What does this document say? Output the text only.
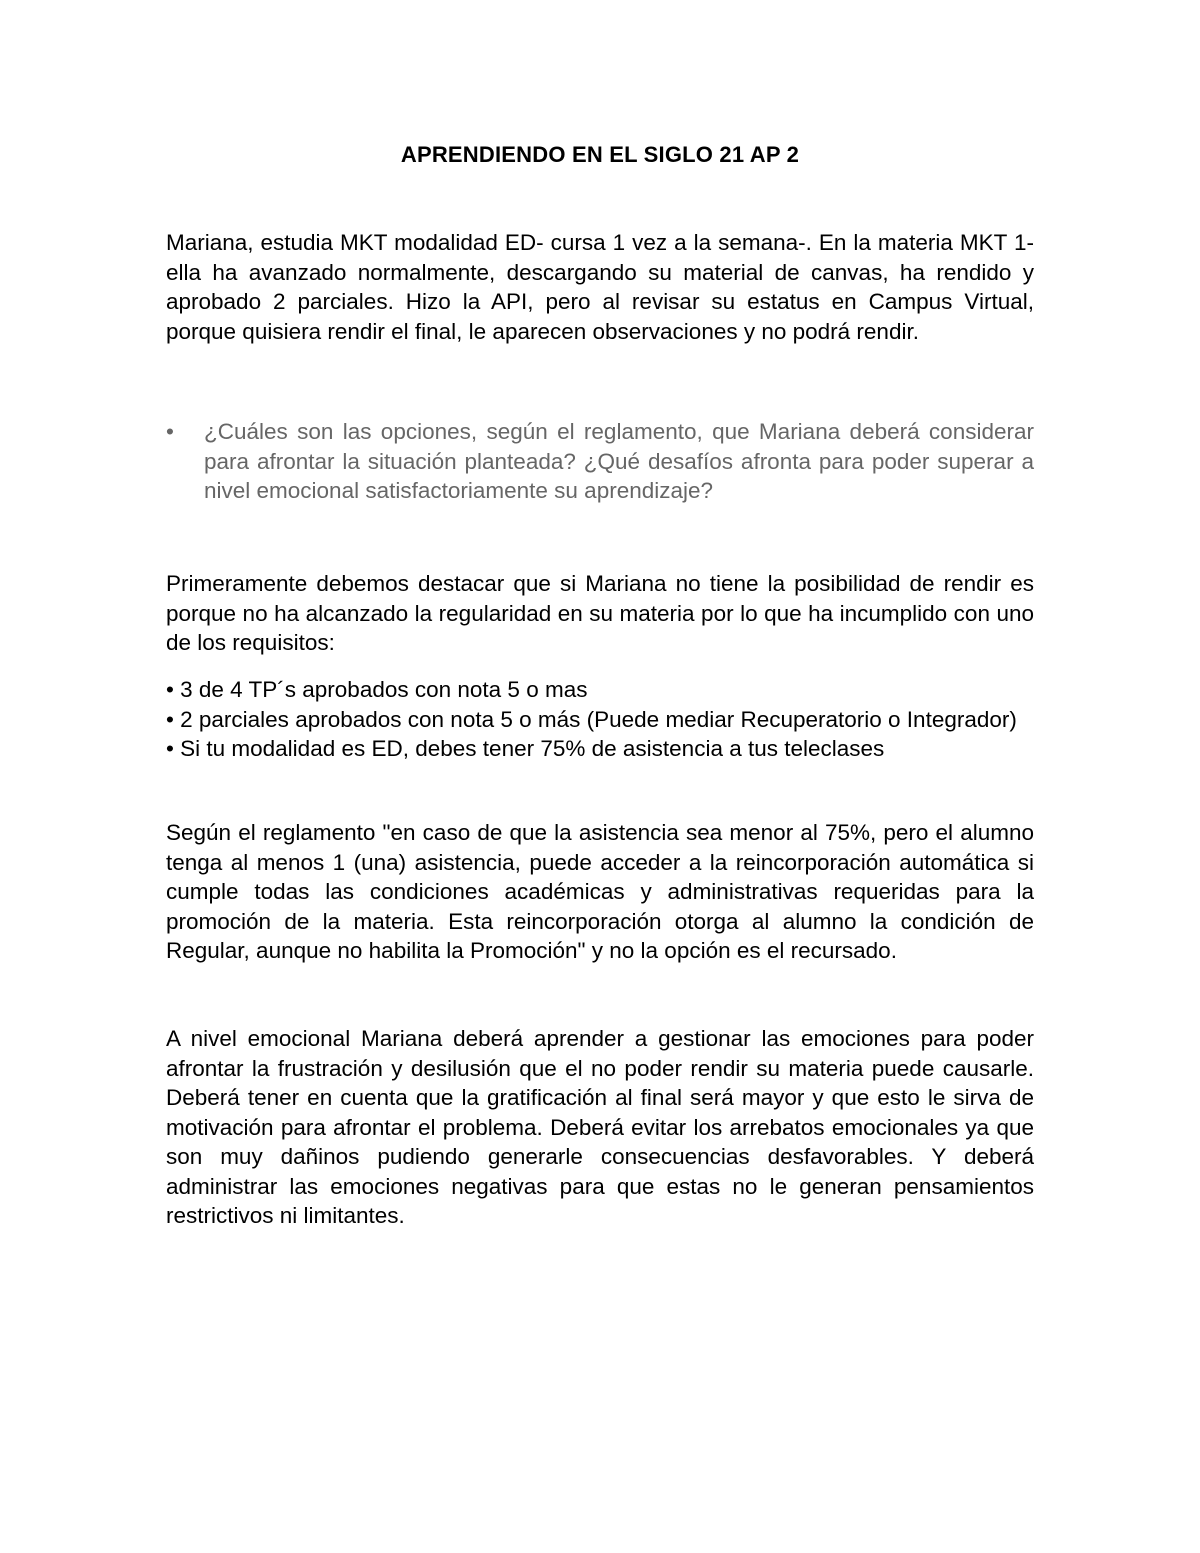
APRENDIENDO EN EL SIGLO 21 AP 2
Mariana, estudia MKT modalidad ED- cursa 1 vez a la semana-. En la materia MKT 1- ella ha avanzado normalmente, descargando su material de canvas, ha rendido y aprobado 2 parciales. Hizo la API, pero al revisar su estatus en Campus Virtual, porque quisiera rendir el final, le aparecen observaciones y no podrá rendir.
•	¿Cuáles son las opciones, según el reglamento, que Mariana deberá considerar para afrontar la situación planteada? ¿Qué desafíos afronta para poder superar a nivel emocional satisfactoriamente su aprendizaje?
Primeramente debemos destacar que si Mariana no tiene la posibilidad de rendir es porque no ha alcanzado la regularidad en su materia por lo que ha incumplido con uno de los requisitos:
• 3 de 4 TP´s aprobados con nota 5 o mas
• 2 parciales aprobados con nota 5 o más (Puede mediar Recuperatorio o Integrador)
• Si tu modalidad es ED, debes tener 75% de asistencia a tus teleclases
Según el reglamento "en caso de que la asistencia sea menor al 75%, pero el alumno tenga al menos 1 (una) asistencia, puede acceder a la reincorporación automática si cumple todas las condiciones académicas y administrativas requeridas para la promoción de la materia. Esta reincorporación otorga al alumno la condición de Regular, aunque no habilita la Promoción" y no la opción es el recursado.
A nivel emocional Mariana deberá aprender a gestionar las emociones para poder afrontar la frustración y desilusión que el no poder rendir su materia puede causarle. Deberá tener en cuenta que la gratificación al final será mayor y que esto le sirva de motivación para afrontar el problema. Deberá evitar los arrebatos emocionales ya que son muy dañinos pudiendo generarle consecuencias desfavorables. Y deberá administrar las emociones negativas para que estas no le generan pensamientos restrictivos ni limitantes.
